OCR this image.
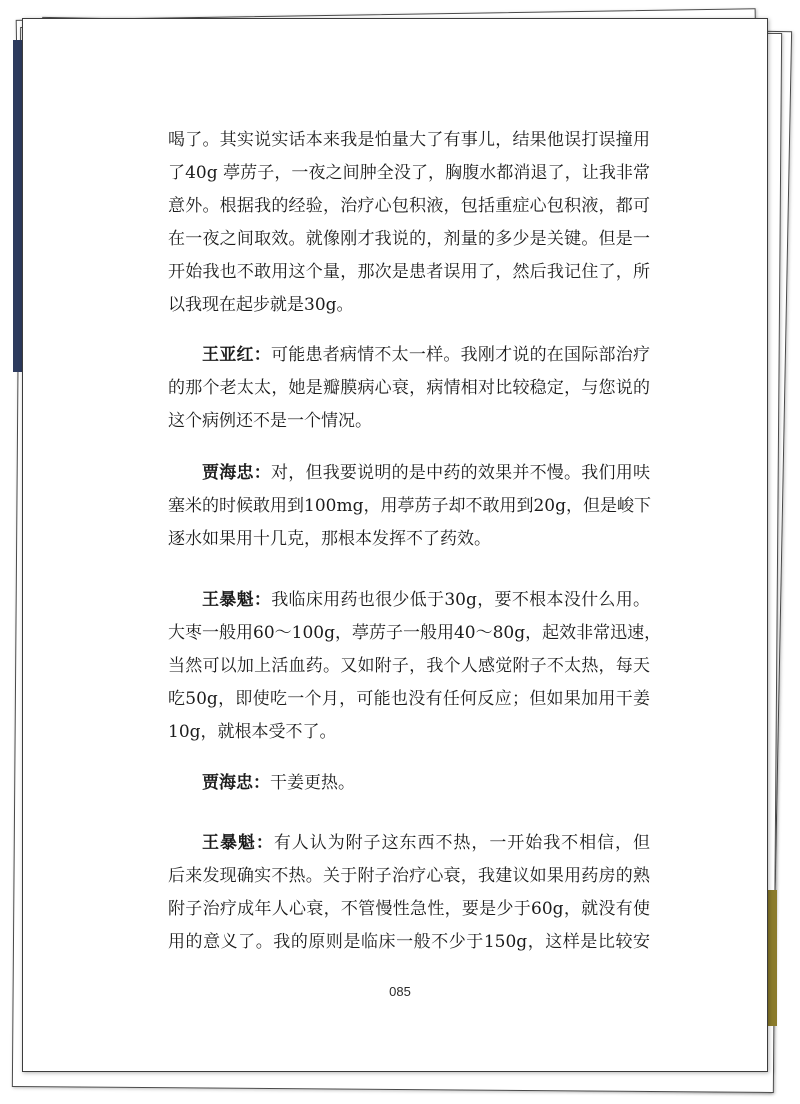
喝了。其实说实话本来我是怕量大了有事儿，结果他误打误撞用
了40g 葶苈子，一夜之间肿全没了，胸腹水都消退了，让我非常
意外。根据我的经验，治疗心包积液，包括重症心包积液，都可
在一夜之间取效。就像刚才我说的，剂量的多少是关键。但是一
开始我也不敢用这个量，那次是患者误用了，然后我记住了，所
以我现在起步就是30g。
王亚红：可能患者病情不太一样。我刚才说的在国际部治疗
的那个老太太，她是瓣膜病心衰，病情相对比较稳定，与您说的
这个病例还不是一个情况。
贾海忠：对，但我要说明的是中药的效果并不慢。我们用呋
塞米的时候敢用到100mg，用葶苈子却不敢用到20g，但是峻下
逐水如果用十几克，那根本发挥不了药效。
王暴魁：我临床用药也很少低于30g，要不根本没什么用。
大枣一般用60～100g，葶苈子一般用40～80g，起效非常迅速，
当然可以加上活血药。又如附子，我个人感觉附子不太热，每天
吃50g，即使吃一个月，可能也没有任何反应；但如果加用干姜
10g，就根本受不了。
贾海忠：干姜更热。
王暴魁：有人认为附子这东西不热，一开始我不相信，但
后来发现确实不热。关于附子治疗心衰，我建议如果用药房的熟
附子治疗成年人心衰，不管慢性急性，要是少于60g，就没有使
用的意义了。我的原则是临床一般不少于150g，这样是比较安
085
